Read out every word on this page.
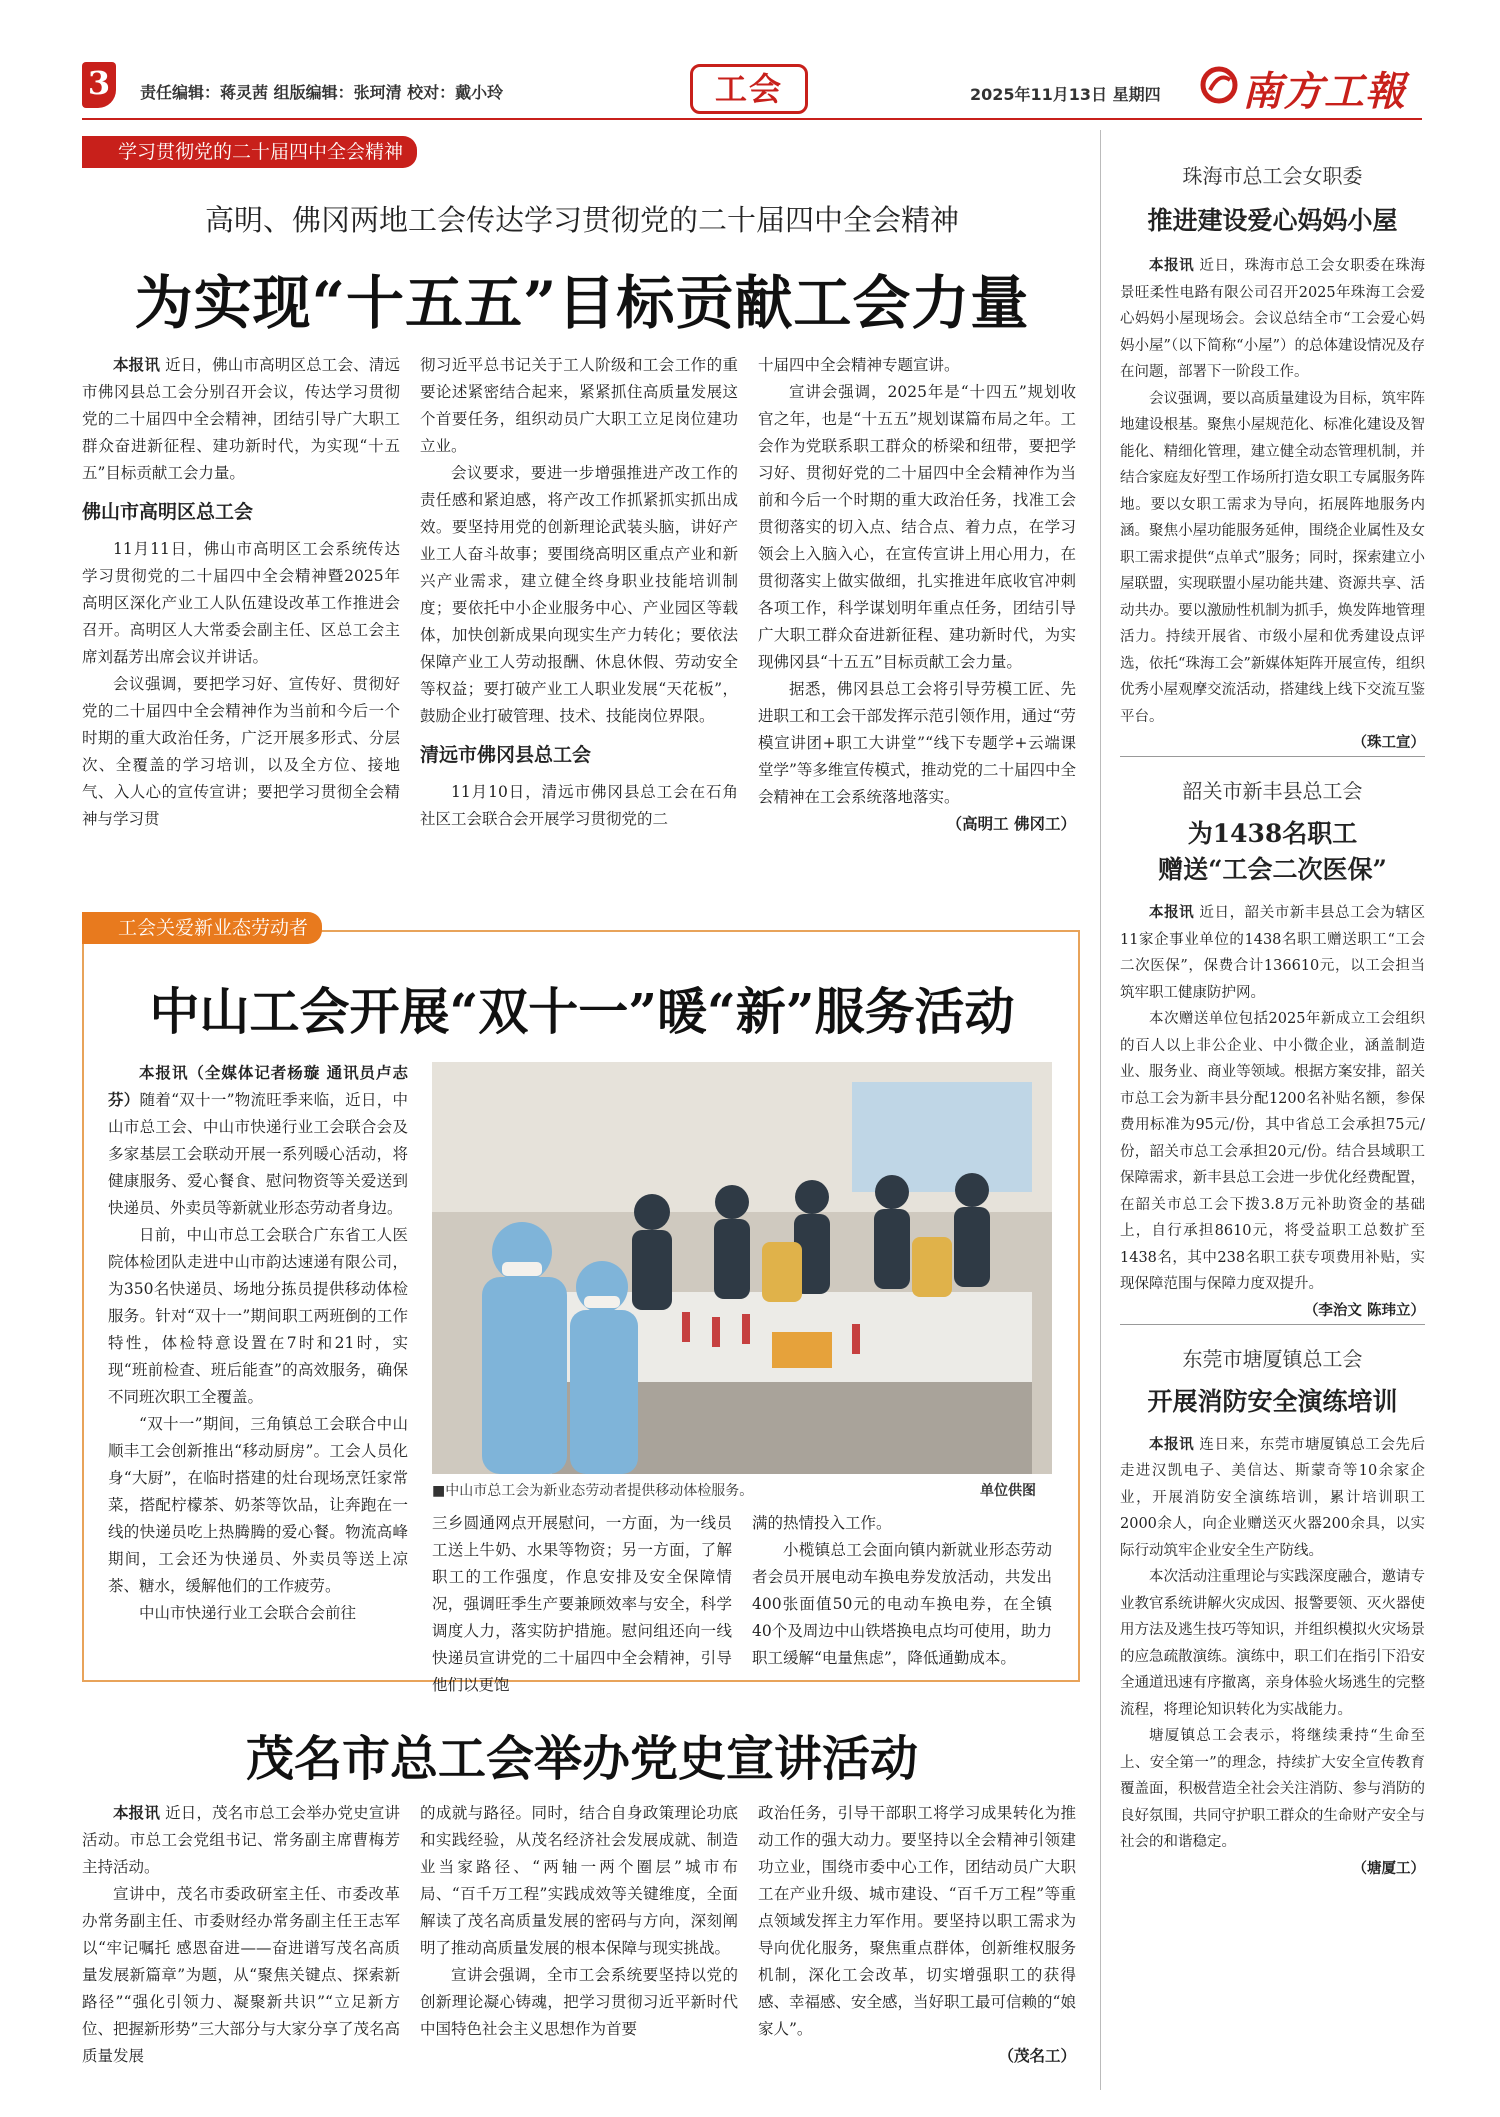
3	责任编辑：蒋灵茜 组版编辑：张珂清 校对：戴小玲	工会	2025年11月13日 星期四 南方工報
学习贯彻党的二十届四中全会精神
高明、佛冈两地工会传达学习贯彻党的二十届四中全会精神
为实现“十五五”目标贡献工会力量

本报讯 近日，佛山市高明区总工会、清远市佛冈县总工会分别召开会议，传达学习贯彻党的二十届四中全会精神，团结引导广大职工群众奋进新征程、建功新时代，为实现“十五五”目标贡献工会力量。

佛山市高明区总工会

11月11日，佛山市高明区工会系统传达学习贯彻党的二十届四中全会精神暨2025年高明区深化产业工人队伍建设改革工作推进会召开。高明区人大常委会副主任、区总工会主席刘磊芳出席会议并讲话。

会议强调，要把学习好、宣传好、贯彻好党的二十届四中全会精神作为当前和今后一个时期的重大政治任务，广泛开展多形式、分层次、全覆盖的学习培训，以及全方位、接地气、入人心的宣传宣讲；要把学习贯彻全会精神与学习贯

彻习近平总书记关于工人阶级和工会工作的重要论述紧密结合起来，紧紧抓住高质量发展这个首要任务，组织动员广大职工立足岗位建功立业。

会议要求，要进一步增强推进产改工作的责任感和紧迫感，将产改工作抓紧抓实抓出成效。要坚持用党的创新理论武装头脑，讲好产业工人奋斗故事；要围绕高明区重点产业和新兴产业需求，建立健全终身职业技能培训制度；要依托中小企业服务中心、产业园区等载体，加快创新成果向现实生产力转化；要依法保障产业工人劳动报酬、休息休假、劳动安全等权益；要打破产业工人职业发展“天花板”，鼓励企业打破管理、技术、技能岗位界限。

清远市佛冈县总工会

11月10日，清远市佛冈县总工会在石角社区工会联合会开展学习贯彻党的二

十届四中全会精神专题宣讲。

宣讲会强调，2025年是“十四五”规划收官之年，也是“十五五”规划谋篇布局之年。工会作为党联系职工群众的桥梁和纽带，要把学习好、贯彻好党的二十届四中全会精神作为当前和今后一个时期的重大政治任务，找准工会贯彻落实的切入点、结合点、着力点，在学习领会上入脑入心，在宣传宣讲上用心用力，在贯彻落实上做实做细，扎实推进年底收官冲刺各项工作，科学谋划明年重点任务，团结引导广大职工群众奋进新征程、建功新时代，为实现佛冈县“十五五”目标贡献工会力量。

据悉，佛冈县总工会将引导劳模工匠、先进职工和工会干部发挥示范引领作用，通过“劳模宣讲团+职工大讲堂”“线下专题学+云端课堂学”等多维宣传模式，推动党的二十届四中全会精神在工会系统落地落实。

（高明工 佛冈工）
珠海市总工会女职委
推进建设爱心妈妈小屋

本报讯 近日，珠海市总工会女职委在珠海景旺柔性电路有限公司召开2025年珠海工会爱心妈妈小屋现场会。会议总结全市“工会爱心妈妈小屋”（以下简称“小屋”）的总体建设情况及存在问题，部署下一阶段工作。

会议强调，要以高质量建设为目标，筑牢阵地建设根基。聚焦小屋规范化、标准化建设及智能化、精细化管理，建立健全动态管理机制，并结合家庭友好型工作场所打造女职工专属服务阵地。要以女职工需求为导向，拓展阵地服务内涵。聚焦小屋功能服务延伸，围绕企业属性及女职工需求提供“点单式”服务；同时，探索建立小屋联盟，实现联盟小屋功能共建、资源共享、活动共办。要以激励性机制为抓手，焕发阵地管理活力。持续开展省、市级小屋和优秀建设点评选，依托“珠海工会”新媒体矩阵开展宣传，组织优秀小屋观摩交流活动，搭建线上线下交流互鉴平台。

（珠工宣）
韶关市新丰县总工会
为1438名职工
赠送“工会二次医保”

本报讯 近日，韶关市新丰县总工会为辖区11家企事业单位的1438名职工赠送职工“工会二次医保”，保费合计136610元，以工会担当筑牢职工健康防护网。

本次赠送单位包括2025年新成立工会组织的百人以上非公企业、中小微企业，涵盖制造业、服务业、商业等领域。根据方案安排，韶关市总工会为新丰县分配1200名补贴名额，参保费用标准为95元/份，其中省总工会承担75元/份，韶关市总工会承担20元/份。结合县域职工保障需求，新丰县总工会进一步优化经费配置，在韶关市总工会下拨3.8万元补助资金的基础上，自行承担8610元，将受益职工总数扩至1438名，其中238名职工获专项费用补贴，实现保障范围与保障力度双提升。

（李治文 陈玮立）
东莞市塘厦镇总工会
开展消防安全演练培训

本报讯 连日来，东莞市塘厦镇总工会先后走进汉凯电子、美信达、斯蒙奇等10余家企业，开展消防安全演练培训，累计培训职工2000余人，向企业赠送灭火器200余具，以实际行动筑牢企业安全生产防线。

本次活动注重理论与实践深度融合，邀请专业教官系统讲解火灾成因、报警要领、灭火器使用方法及逃生技巧等知识，并组织模拟火灾场景的应急疏散演练。演练中，职工们在指引下沿安全通道迅速有序撤离，亲身体验火场逃生的完整流程，将理论知识转化为实战能力。

塘厦镇总工会表示，将继续秉持“生命至上、安全第一”的理念，持续扩大安全宣传教育覆盖面，积极营造全社会关注消防、参与消防的良好氛围，共同守护职工群众的生命财产安全与社会的和谐稳定。

（塘厦工）
工会关爱新业态劳动者
中山工会开展“双十一”暖“新”服务活动

本报讯（全媒体记者杨璇 通讯员卢志芬）随着“双十一”物流旺季来临，近日，中山市总工会、中山市快递行业工会联合会及多家基层工会联动开展一系列暖心活动，将健康服务、爱心餐食、慰问物资等关爱送到快递员、外卖员等新就业形态劳动者身边。

日前，中山市总工会联合广东省工人医院体检团队走进中山市韵达速递有限公司，为350名快递员、场地分拣员提供移动体检服务。针对“双十一”期间职工两班倒的工作特性，体检特意设置在7时和21时，实现“班前检查、班后能查”的高效服务，确保不同班次职工全覆盖。

“双十一”期间，三角镇总工会联合中山顺丰工会创新推出“移动厨房”。工会人员化身“大厨”，在临时搭建的灶台现场烹饪家常菜，搭配柠檬茶、奶茶等饮品，让奔跑在一线的快递员吃上热腾腾的爱心餐。物流高峰期间，工会还为快递员、外卖员等送上凉茶、糖水，缓解他们的工作疲劳。

中山市快递行业工会联合会前往

■中山市总工会为新业态劳动者提供移动体检服务。	单位供图

三乡圆通网点开展慰问，一方面，为一线员工送上牛奶、水果等物资；另一方面，了解职工的工作强度，作息安排及安全保障情况，强调旺季生产要兼顾效率与安全，科学调度人力，落实防护措施。慰问组还向一线快递员宣讲党的二十届四中全会精神，引导他们以更饱

满的热情投入工作。

小榄镇总工会面向镇内新就业形态劳动者会员开展电动车换电券发放活动，共发出400张面值50元的电动车换电券，在全镇40个及周边中山铁塔换电点均可使用，助力职工缓解“电量焦虑”，降低通勤成本。

茂名市总工会举办党史宣讲活动

本报讯 近日，茂名市总工会举办党史宣讲活动。市总工会党组书记、常务副主席曹梅芳主持活动。

宣讲中，茂名市委政研室主任、市委改革办常务副主任、市委财经办常务副主任王志军以“牢记嘱托 感恩奋进——奋进谱写茂名高质量发展新篇章”为题，从“聚焦关键点、探索新路径”“强化引领力、凝聚新共识”“立足新方位、把握新形势”三大部分与大家分享了茂名高质量发展

的成就与路径。同时，结合自身政策理论功底和实践经验，从茂名经济社会发展成就、制造业当家路径、“两轴一两个圈层”城市布局、“百千万工程”实践成效等关键维度，全面解读了茂名高质量发展的密码与方向，深刻阐明了推动高质量发展的根本保障与现实挑战。

宣讲会强调，全市工会系统要坚持以党的创新理论凝心铸魂，把学习贯彻习近平新时代中国特色社会主义思想作为首要

政治任务，引导干部职工将学习成果转化为推动工作的强大动力。要坚持以全会精神引领建功立业，围绕市委中心工作，团结动员广大职工在产业升级、城市建设、“百千万工程”等重点领域发挥主力军作用。要坚持以职工需求为导向优化服务，聚焦重点群体，创新维权服务机制，深化工会改革，切实增强职工的获得感、幸福感、安全感，当好职工最可信赖的“娘家人”。

（茂名工）
